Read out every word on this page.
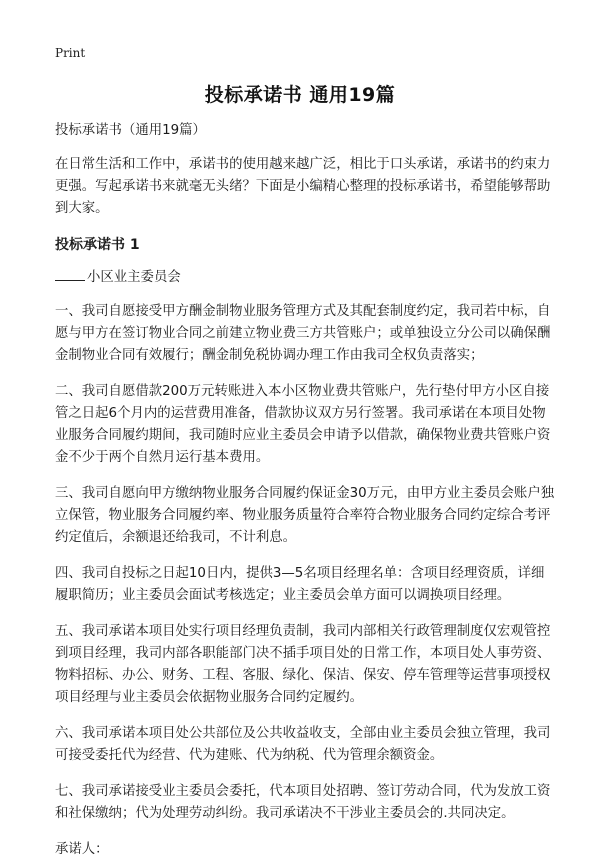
Print
投标承诺书 通用19篇

投标承诺书（通用19篇）

在日常生活和工作中，承诺书的使用越来越广泛，相比于口头承诺，承诺书的约束力更强。写起承诺书来就毫无头绪？下面是小编精心整理的投标承诺书，希望能够帮助到大家。

投标承诺书 1

小区业主委员会

一、我司自愿接受甲方酬金制物业服务管理方式及其配套制度约定，我司若中标，自愿与甲方在签订物业合同之前建立物业费三方共管账户；或单独设立分公司以确保酬金制物业合同有效履行；酬金制免税协调办理工作由我司全权负责落实；

二、我司自愿借款200万元转账进入本小区物业费共管账户，先行垫付甲方小区自接管之日起6个月内的运营费用准备，借款协议双方另行签署。我司承诺在本项目处物业服务合同履约期间，我司随时应业主委员会申请予以借款，确保物业费共管账户资金不少于两个自然月运行基本费用。

三、我司自愿向甲方缴纳物业服务合同履约保证金30万元，由甲方业主委员会账户独立保管，物业服务合同履约率、物业服务质量符合率符合物业服务合同约定综合考评约定值后，余额退还给我司，不计利息。

四、我司自投标之日起10日内，提供3—5名项目经理名单：含项目经理资质，详细履职简历；业主委员会面试考核选定；业主委员会单方面可以调换项目经理。

五、我司承诺本项目处实行项目经理负责制，我司内部相关行政管理制度仅宏观管控到项目经理，我司内部各职能部门决不插手项目处的日常工作，本项目处人事劳资、物料招标、办公、财务、工程、客服、绿化、保洁、保安、停车管理等运营事项授权项目经理与业主委员会依据物业服务合同约定履约。

六、我司承诺本项目处公共部位及公共收益收支，全部由业主委员会独立管理，我司可接受委托代为经营、代为建账、代为纳税、代为管理余额资金。

七、我司承诺接受业主委员会委托，代本项目处招聘、签订劳动合同，代为发放工资和社保缴纳；代为处理劳动纠纷。我司承诺决不干涉业主委员会的.共同决定。

承诺人：
